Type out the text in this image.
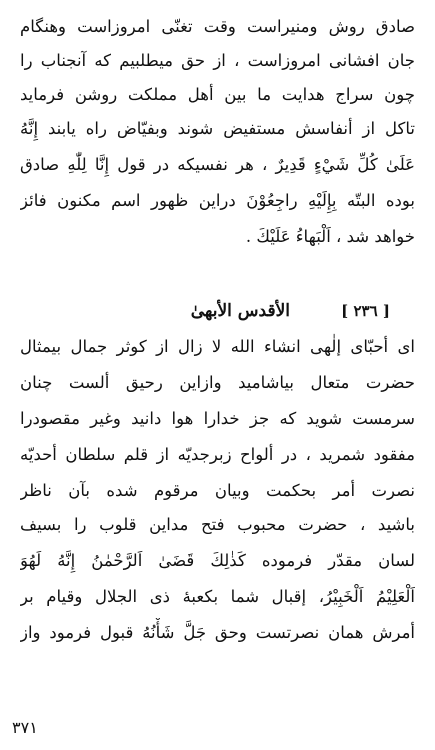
صادق روش ومنيراست وقت تغنّی امروزاست وهنگام
جان افشانی امروزاست ، از حق ميطلبيم که آنجناب را
چون سراج هدايت ما بين أهل مملکت روشن فرمايد
تاکل از أنفاسش مستفيض شوند وبفيّاض راه يابند إِنَّهُ
عَلَیٰ كُلِّ شَيْءٍ قَدِيرٌ ، هر نفسيکه در قول إِنَّا لِلّٰهِ صادق
بوده البتّه بِإِلَيْهِ راجِعُوْنَ دراين ظهور اسم مکنون فائز
خواهد شد ، اَلْبَهاءُ عَلَيْكَ .
[ ٢٣٦ ]
الأقدس الأبهیٰ
ای أحبّای إلٰهی انشاء الله لا زال از کوثر جمال بيمثال
حضرت متعال بياشاميد وازاين رحيق ألست چنان
سرمست شويد که جز خدارا هوا دانيد وغير مقصودرا
مفقود شمريد ، در ألواح زبرجديّه از قلم سلطان أحديّه
نصرت أمر بحکمت وبيان مرقوم شده بآن ناظر
باشيد ، حضرت محبوب فتح مداين قلوب را بسيف
لسان مقدّر فرموده كَذٰلِكَ قَضَىٰ اَلرَّحْمٰنُ إِنَّهُ لَهُوَ
اَلْعَلِيْمُ اَلْخَبِيْرُ، إقبال شما بکعبهٔ ذی الجلال وقيام بر
أمرش همان نصرتست وحق جَلَّ شَأْنُهُ قبول فرمود واز
٣٧١
